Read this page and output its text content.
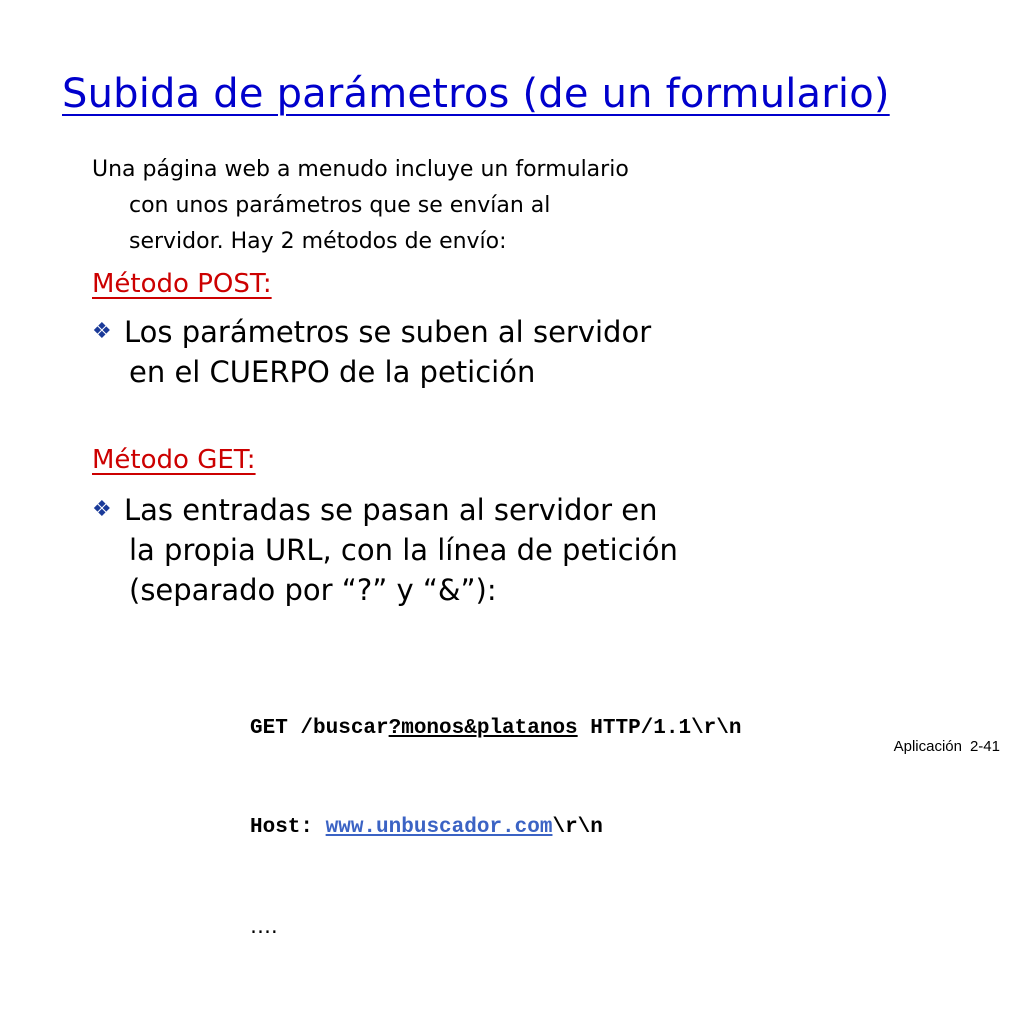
Subida de parámetros (de un formulario)
Una página web a menudo incluye un formulario
con unos parámetros que se envían al
servidor. Hay 2 métodos de envío:
Método POST:
❖ Los parámetros se suben al servidor
en el CUERPO de la petición
Método GET:
❖ Las entradas se pasan al servidor en
la propia URL, con la línea de petición
(separado por “?” y “&”):

GET /buscar?monos&platanos HTTP/1.1\r\n

Host: www.unbuscador.com\r\n

….

Aplicación 2-41
